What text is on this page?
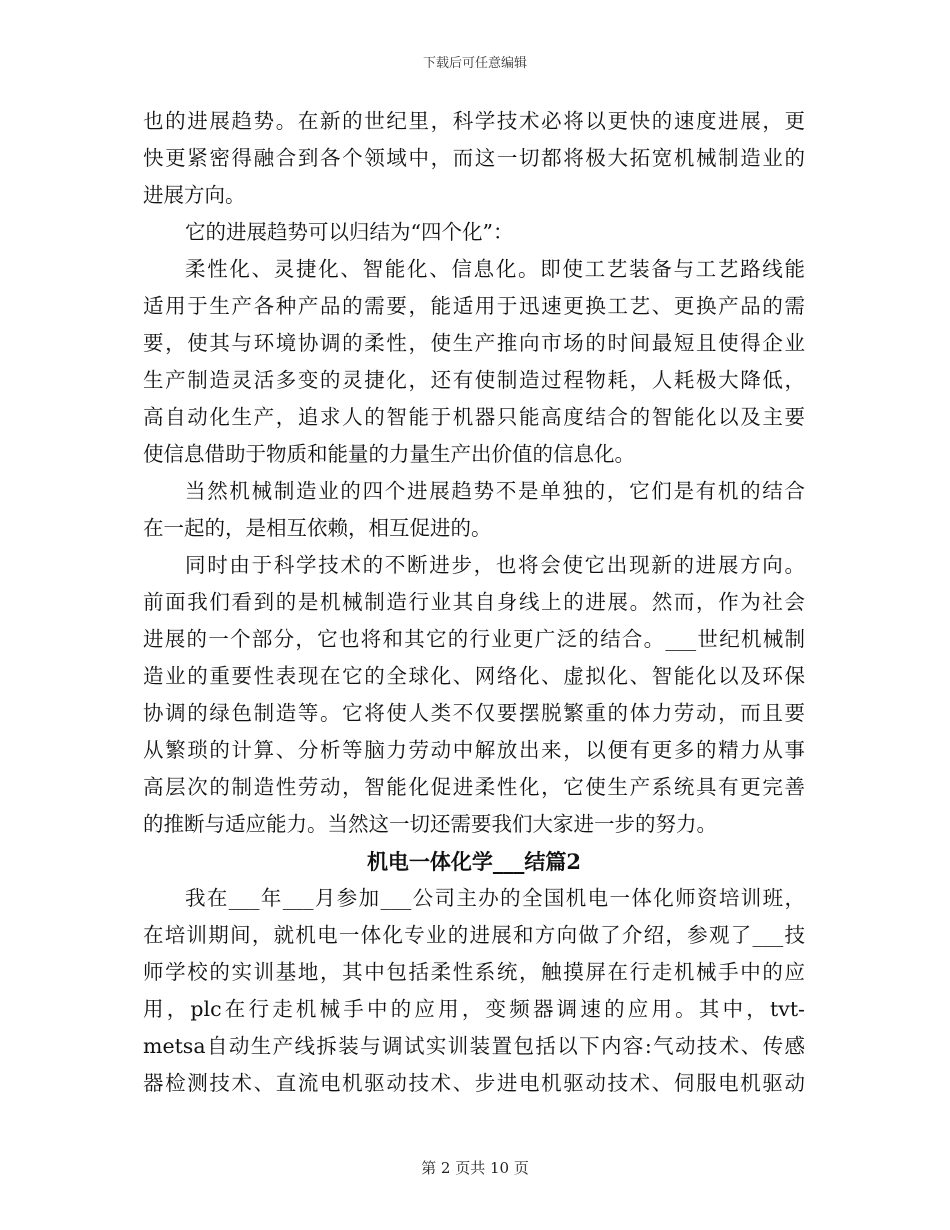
下载后可任意编辑
也的进展趋势。在新的世纪里，科学技术必将以更快的速度进展，更
快更紧密得融合到各个领域中，而这一切都将极大拓宽机械制造业的
进展方向。
它的进展趋势可以归结为“四个化”：
柔性化、灵捷化、智能化、信息化。即使工艺装备与工艺路线能
适用于生产各种产品的需要，能适用于迅速更换工艺、更换产品的需
要，使其与环境协调的柔性，使生产推向市场的时间最短且使得企业
生产制造灵活多变的灵捷化，还有使制造过程物耗，人耗极大降低，
高自动化生产，追求人的智能于机器只能高度结合的智能化以及主要
使信息借助于物质和能量的力量生产出价值的信息化。
当然机械制造业的四个进展趋势不是单独的，它们是有机的结合
在一起的，是相互依赖，相互促进的。
同时由于科学技术的不断进步，也将会使它出现新的进展方向。
前面我们看到的是机械制造行业其自身线上的进展。然而，作为社会
进展的一个部分，它也将和其它的行业更广泛的结合。___世纪机械制
造业的重要性表现在它的全球化、网络化、虚拟化、智能化以及环保
协调的绿色制造等。它将使人类不仅要摆脱繁重的体力劳动，而且要
从繁琐的计算、分析等脑力劳动中解放出来，以便有更多的精力从事
高层次的制造性劳动，智能化促进柔性化，它使生产系统具有更完善
的推断与适应能力。当然这一切还需要我们大家进一步的努力。
机电一体化学___结篇2
我在___年___月参加___公司主办的全国机电一体化师资培训班，
在培训期间，就机电一体化专业的进展和方向做了介绍，参观了___技
师学校的实训基地，其中包括柔性系统，触摸屏在行走机械手中的应
用，plc在行走机械手中的应用，变频器调速的应用。其中，tvt-
metsa自动生产线拆装与调试实训装置包括以下内容:气动技术、传感
器检测技术、直流电机驱动技术、步进电机驱动技术、伺服电机驱动
第 2 页共 10 页
